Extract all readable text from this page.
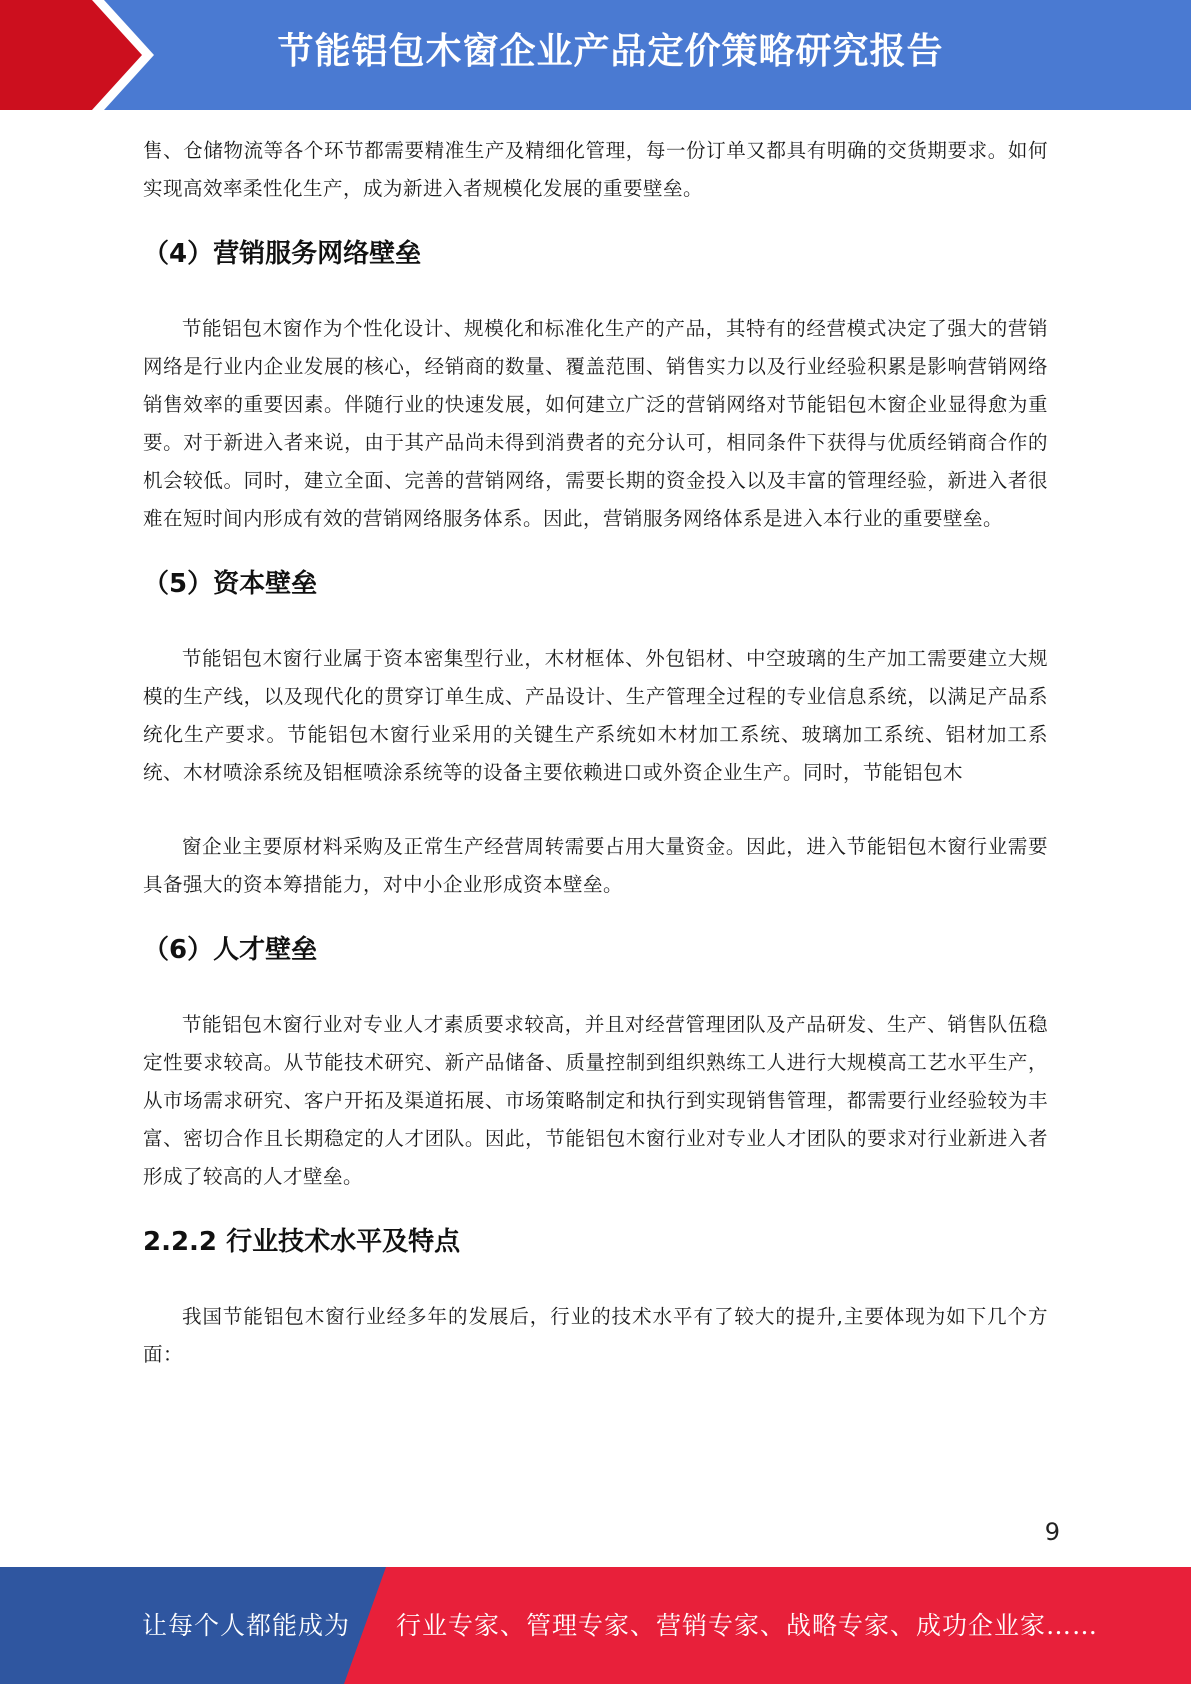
节能铝包木窗企业产品定价策略研究报告

售、仓储物流等各个环节都需要精准生产及精细化管理，每一份订单又都具有明确的交货期要求。如何实现高效率柔性化生产，成为新进入者规模化发展的重要壁垒。

（4）营销服务网络壁垒

节能铝包木窗作为个性化设计、规模化和标准化生产的产品，其特有的经营模式决定了强大的营销网络是行业内企业发展的核心，经销商的数量、覆盖范围、销售实力以及行业经验积累是影响营销网络销售效率的重要因素。伴随行业的快速发展，如何建立广泛的营销网络对节能铝包木窗企业显得愈为重要。对于新进入者来说，由于其产品尚未得到消费者的充分认可，相同条件下获得与优质经销商合作的机会较低。同时，建立全面、完善的营销网络，需要长期的资金投入以及丰富的管理经验，新进入者很难在短时间内形成有效的营销网络服务体系。因此，营销服务网络体系是进入本行业的重要壁垒。

（5）资本壁垒

节能铝包木窗行业属于资本密集型行业，木材框体、外包铝材、中空玻璃的生产加工需要建立大规模的生产线，以及现代化的贯穿订单生成、产品设计、生产管理全过程的专业信息系统，以满足产品系统化生产要求。节能铝包木窗行业采用的关键生产系统如木材加工系统、玻璃加工系统、铝材加工系统、木材喷涂系统及铝框喷涂系统等的设备主要依赖进口或外资企业生产。同时，节能铝包木

窗企业主要原材料采购及正常生产经营周转需要占用大量资金。因此，进入节能铝包木窗行业需要具备强大的资本筹措能力，对中小企业形成资本壁垒。

（6）人才壁垒

节能铝包木窗行业对专业人才素质要求较高，并且对经营管理团队及产品研发、生产、销售队伍稳定性要求较高。从节能技术研究、新产品储备、质量控制到组织熟练工人进行大规模高工艺水平生产，从市场需求研究、客户开拓及渠道拓展、市场策略制定和执行到实现销售管理，都需要行业经验较为丰富、密切合作且长期稳定的人才团队。因此，节能铝包木窗行业对专业人才团队的要求对行业新进入者形成了较高的人才壁垒。

2.2.2 行业技术水平及特点

我国节能铝包木窗行业经多年的发展后，行业的技术水平有了较大的提升,主要体现为如下几个方面：

9
让每个人都能成为 行业专家、管理专家、营销专家、战略专家、成功企业家……
